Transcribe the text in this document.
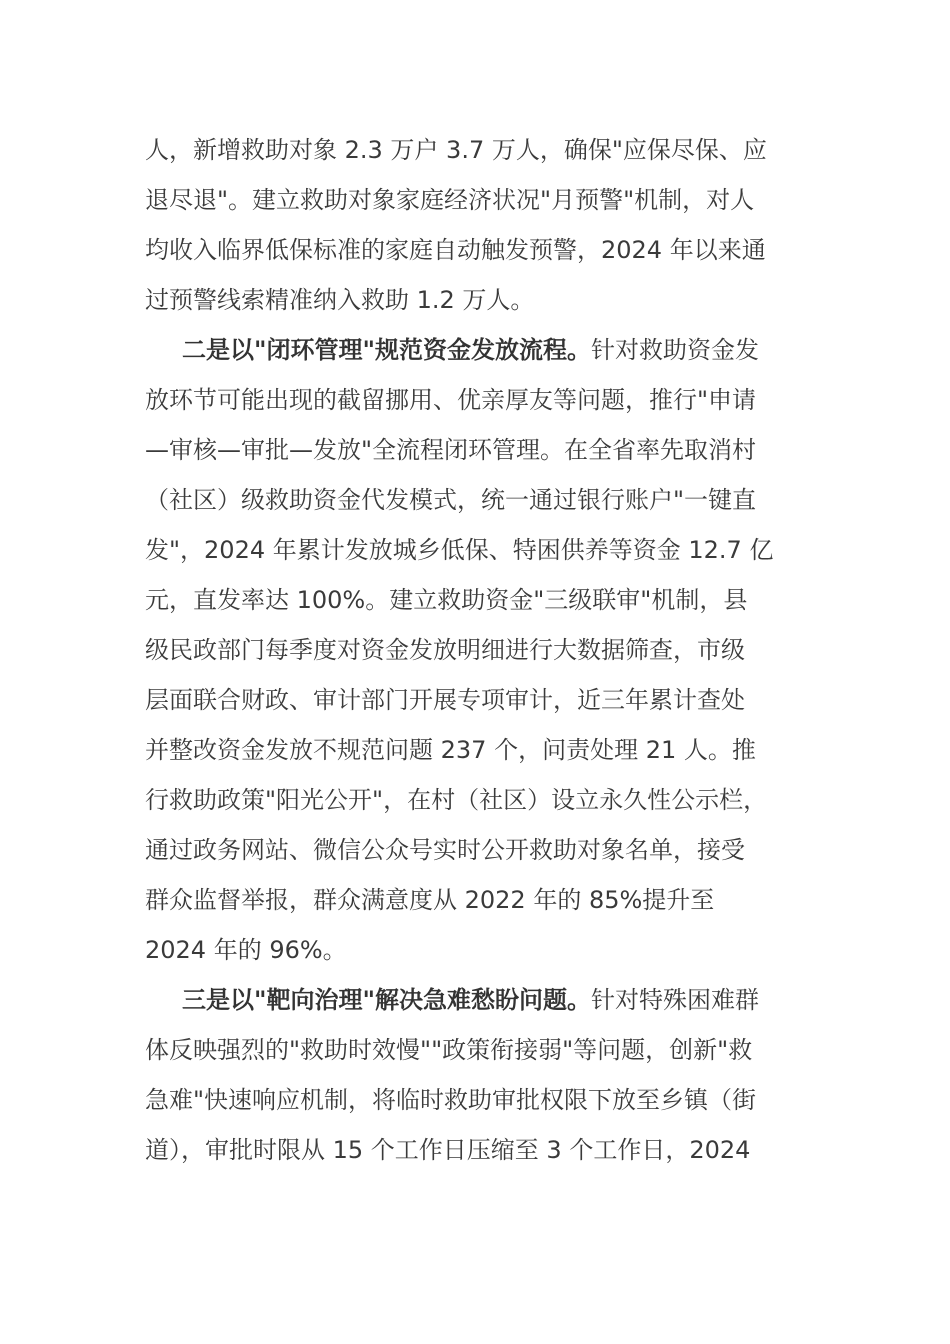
人，新增救助对象 2.3 万户 3.7 万人，确保"应保尽保、应
退尽退"。建立救助对象家庭经济状况"月预警"机制，对人
均收入临界低保标准的家庭自动触发预警，2024 年以来通
过预警线索精准纳入救助 1.2 万人。
二是以"闭环管理"规范资金发放流程。针对救助资金发
放环节可能出现的截留挪用、优亲厚友等问题，推行"申请
—审核—审批—发放"全流程闭环管理。在全省率先取消村
（社区）级救助资金代发模式，统一通过银行账户"一键直
发"，2024 年累计发放城乡低保、特困供养等资金 12.7 亿
元，直发率达 100%。建立救助资金"三级联审"机制，县
级民政部门每季度对资金发放明细进行大数据筛查，市级
层面联合财政、审计部门开展专项审计，近三年累计查处
并整改资金发放不规范问题 237 个，问责处理 21 人。推
行救助政策"阳光公开"，在村（社区）设立永久性公示栏，
通过政务网站、微信公众号实时公开救助对象名单，接受
群众监督举报，群众满意度从 2022 年的 85%提升至
2024 年的 96%。
三是以"靶向治理"解决急难愁盼问题。针对特殊困难群
体反映强烈的"救助时效慢""政策衔接弱"等问题，创新"救
急难"快速响应机制，将临时救助审批权限下放至乡镇（街
道），审批时限从 15 个工作日压缩至 3 个工作日，2024
